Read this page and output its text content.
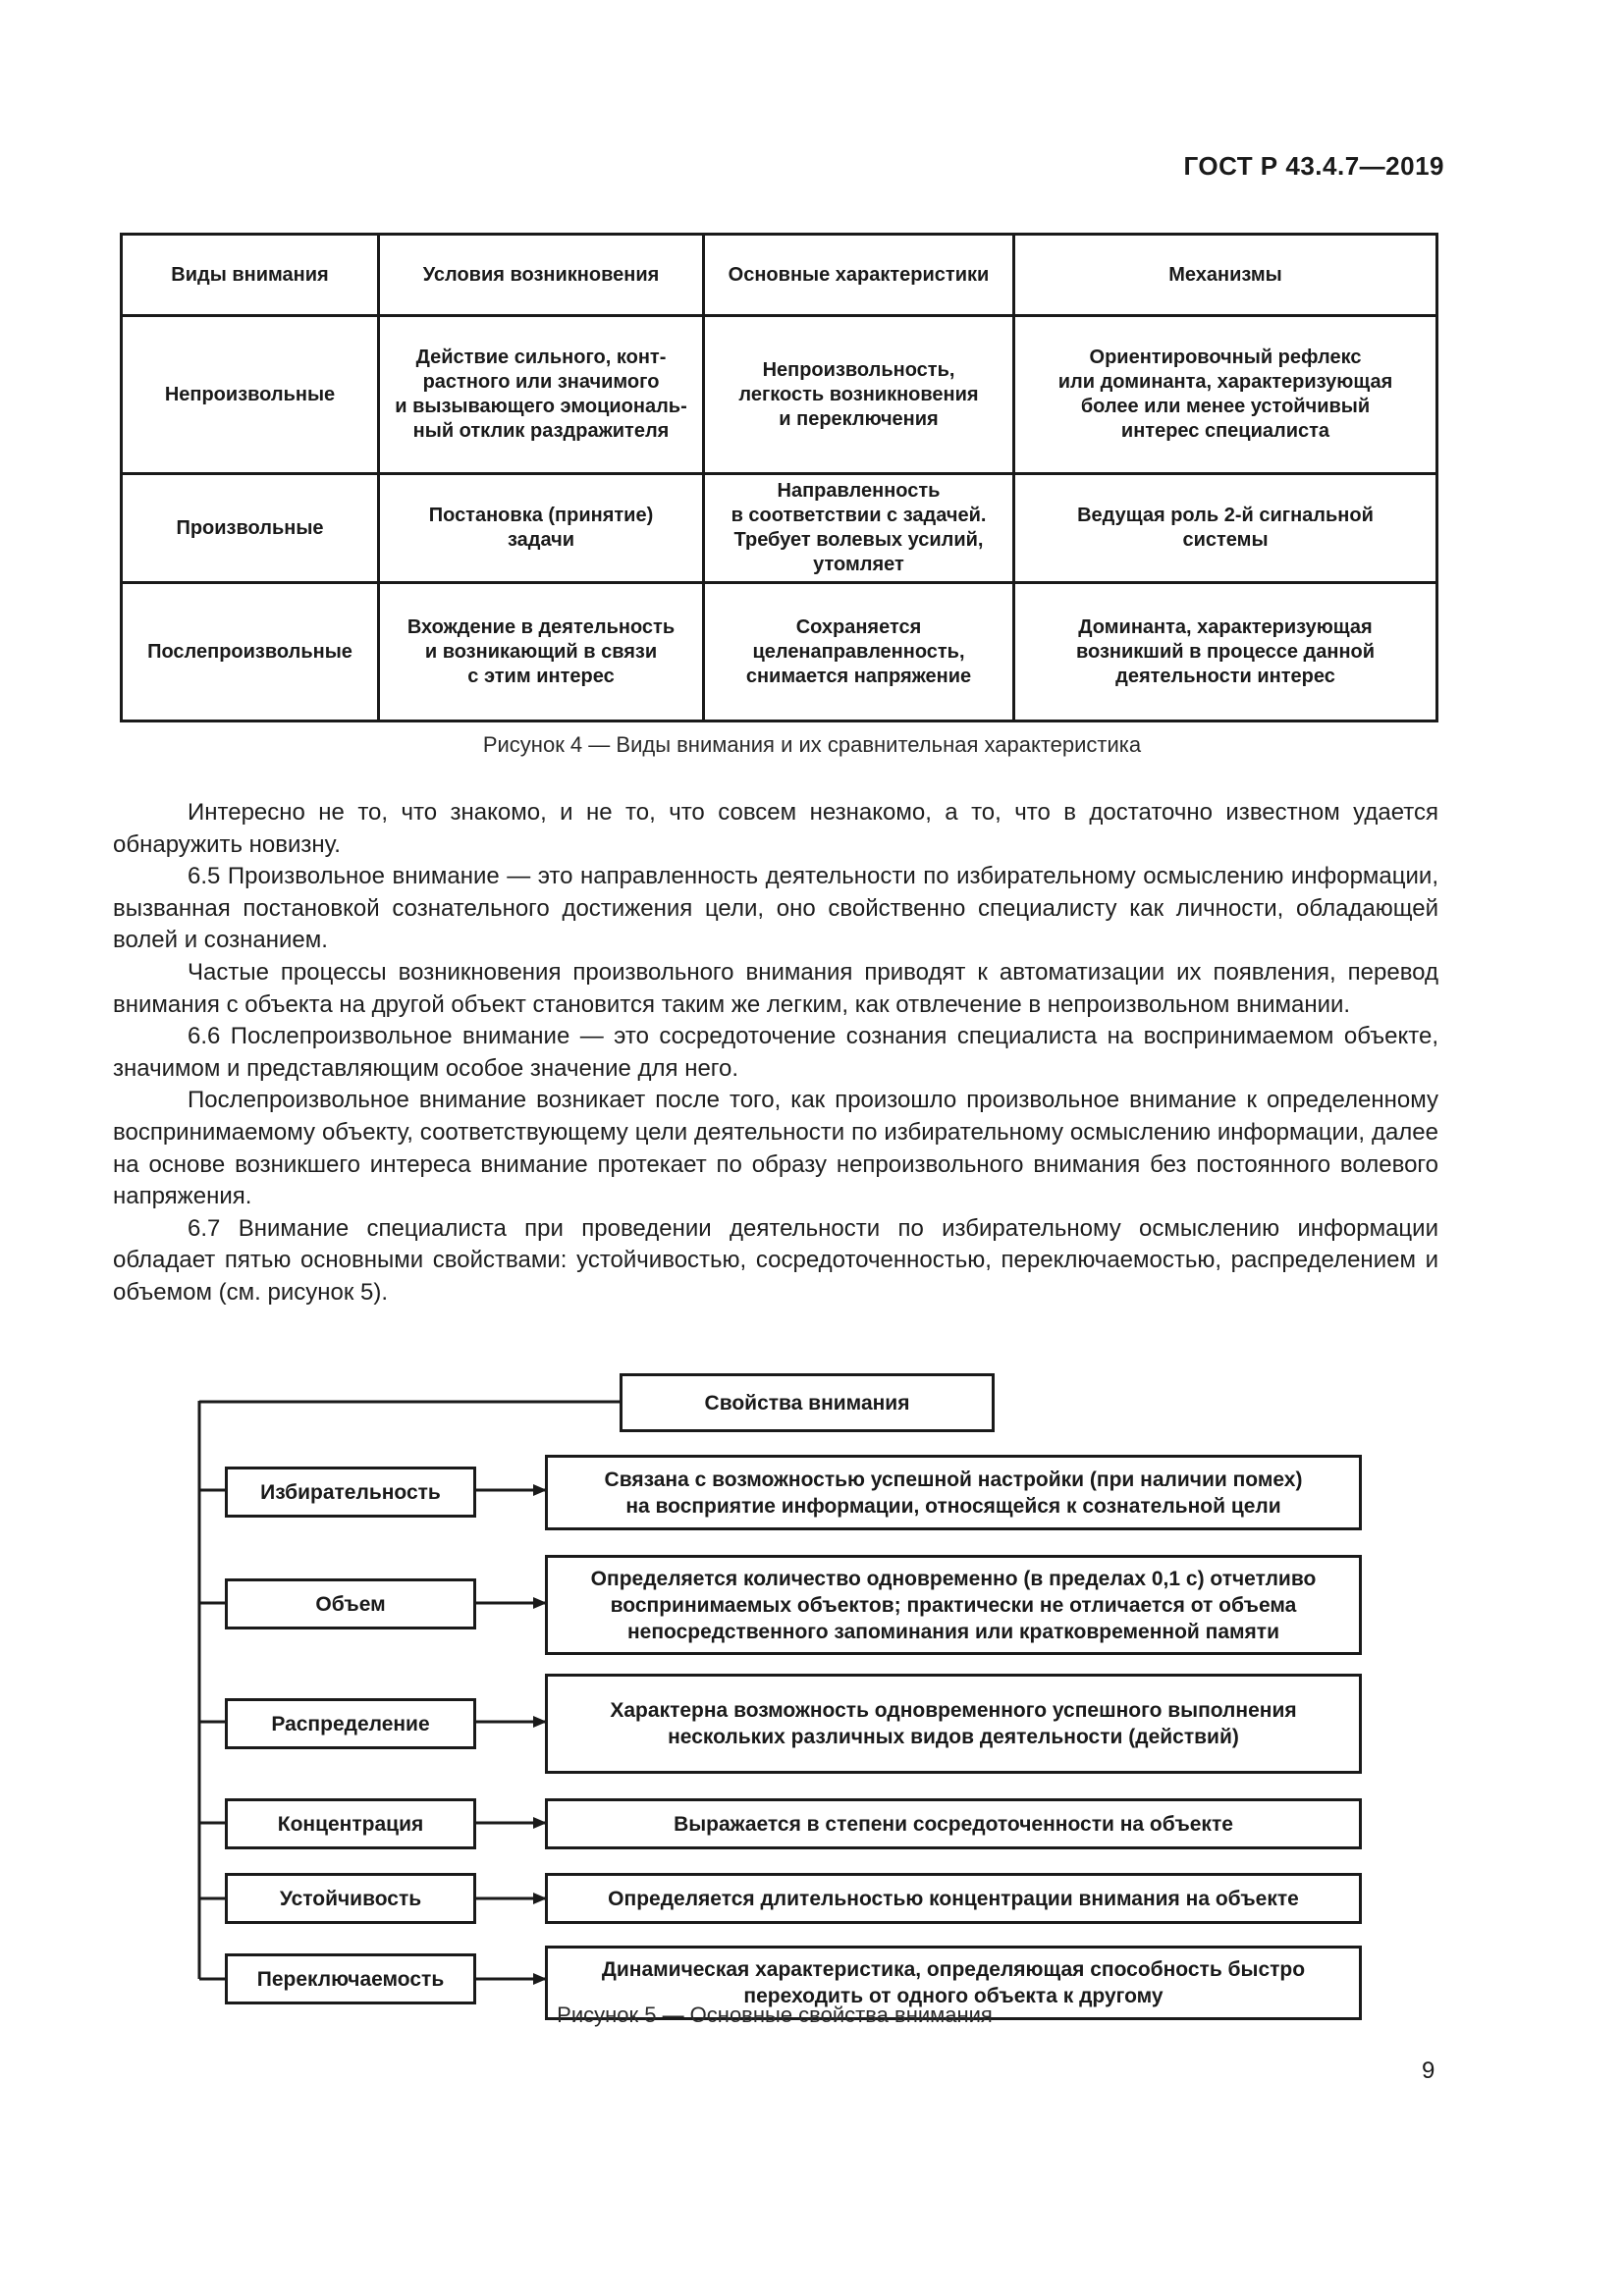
ГОСТ Р 43.4.7—2019
Виды внимания	Условия возникновения	Основные характеристики	Механизмы
Непроизвольные	Действие сильного, конт-
растного или значимого
и вызывающего эмоциональ-
ный отклик раздражителя	Непроизвольность,
легкость возникновения
и переключения	Ориентировочный рефлекс
или доминанта, характеризующая
более или менее устойчивый
интерес специалиста
Произвольные	Постановка (принятие)
задачи	Направленность
в соответствии с задачей.
Требует волевых усилий,
утомляет	Ведущая роль 2-й сигнальной
системы
Послепроизвольные	Вхождение в деятельность
и возникающий в связи
с этим интерес	Сохраняется
целенаправленность,
снимается напряжение	Доминанта, характеризующая
возникший в процессе данной
деятельности интерес
Рисунок 4 — Виды внимания и их сравнительная характеристика

Интересно не то, что знакомо, и не то, что совсем незнакомо, а то, что в достаточно известном удается обнаружить новизну.

6.5 Произвольное внимание — это направленность деятельности по избирательному осмыслению информации, вызванная постановкой сознательного достижения цели, оно свойственно специалисту как личности, обладающей волей и сознанием.

Частые процессы возникновения произвольного внимания приводят к автоматизации их появления, перевод внимания с объекта на другой объект становится таким же легким, как отвлечение в непроизвольном внимании.

6.6 Послепроизвольное внимание — это сосредоточение сознания специалиста на воспринимаемом объекте, значимом и представляющим особое значение для него.

Послепроизвольное внимание возникает после того, как произошло произвольное внимание к определенному воспринимаемому объекту, соответствующему цели деятельности по избирательному осмыслению информации, далее на основе возникшего интереса внимание протекает по образу непроизвольного внимания без постоянного волевого напряжения.

6.7 Внимание специалиста при проведении деятельности по избирательному осмыслению информации обладает пятью основными свойствами: устойчивостью, сосредоточенностью, переключаемостью, распределением и объемом (см. рисунок 5).

Свойства внимания
Избирательность
Связана с возможностью успешной настройки (при наличии помех)
на восприятие информации, относящейся к сознательной цели
Объем
Определяется количество одновременно (в пределах 0,1 с) отчетливо
воспринимаемых объектов; практически не отличается от объема
непосредственного запоминания или кратковременной памяти
Распределение
Характерна возможность одновременного успешного выполнения
нескольких различных видов деятельности (действий)
Концентрация	Выражается в степени сосредоточенности на объекте
Устойчивость	Определяется длительностью концентрации внимания на объекте
Переключаемость	Динамическая характеристика, определяющая способность быстро
переходить от одного объекта к другому
Рисунок 5 — Основные свойства внимания
9
